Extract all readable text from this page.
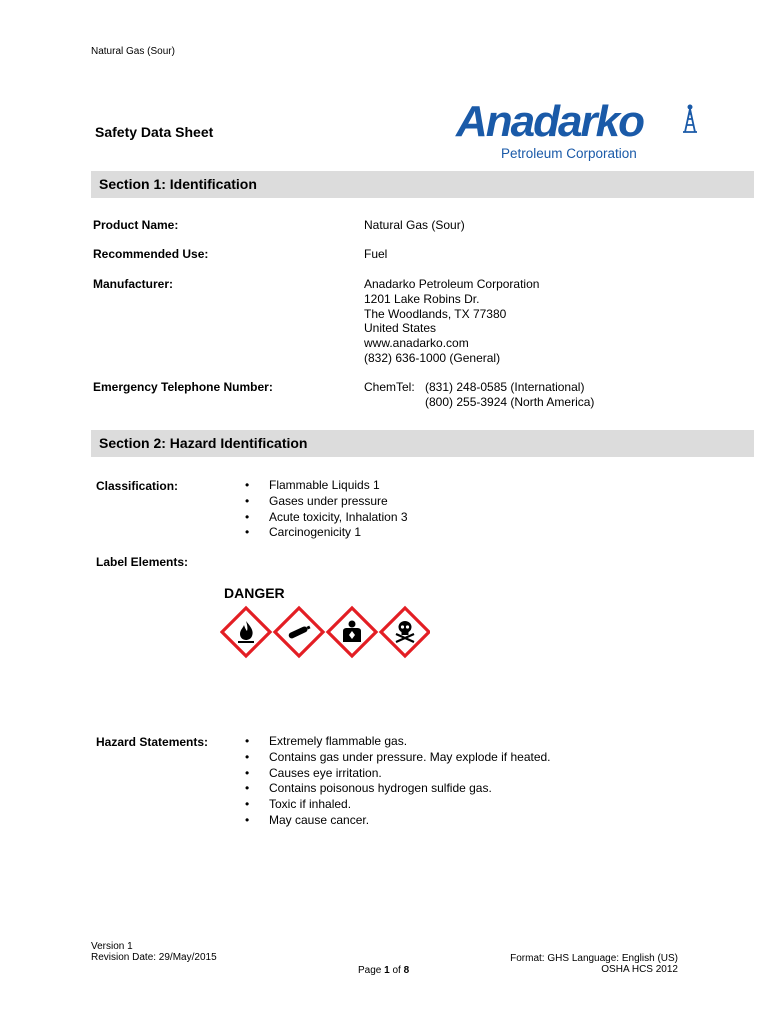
Natural Gas (Sour)
Safety Data Sheet	Anadarko
Petroleum Corporation
Section 1: Identification
Product Name:	Natural Gas (Sour)
Recommended Use:	Fuel
Manufacturer:	Anadarko Petroleum Corporation
1201 Lake Robins Dr.
The Woodlands, TX 77380
United States
www.anadarko.com
(832) 636-1000 (General)
Emergency Telephone Number:	ChemTel: (831) 248-0585 (International)
(800) 255-3924 (North America)
Section 2: Hazard Identification
Classification:	• Flammable Liquids 1
• Gases under pressure
• Acute toxicity, Inhalation 3
• Carcinogenicity 1
Label Elements:
DANGER
Hazard Statements:	• Extremely flammable gas.
• Contains gas under pressure. May explode if heated.
• Causes eye irritation.
• Contains poisonous hydrogen sulfide gas.
• Toxic if inhaled.
• May cause cancer.
Version 1
Revision Date: 29/May/2015
Page 1 of 8
Format: GHS Language: English (US)
OSHA HCS 2012
